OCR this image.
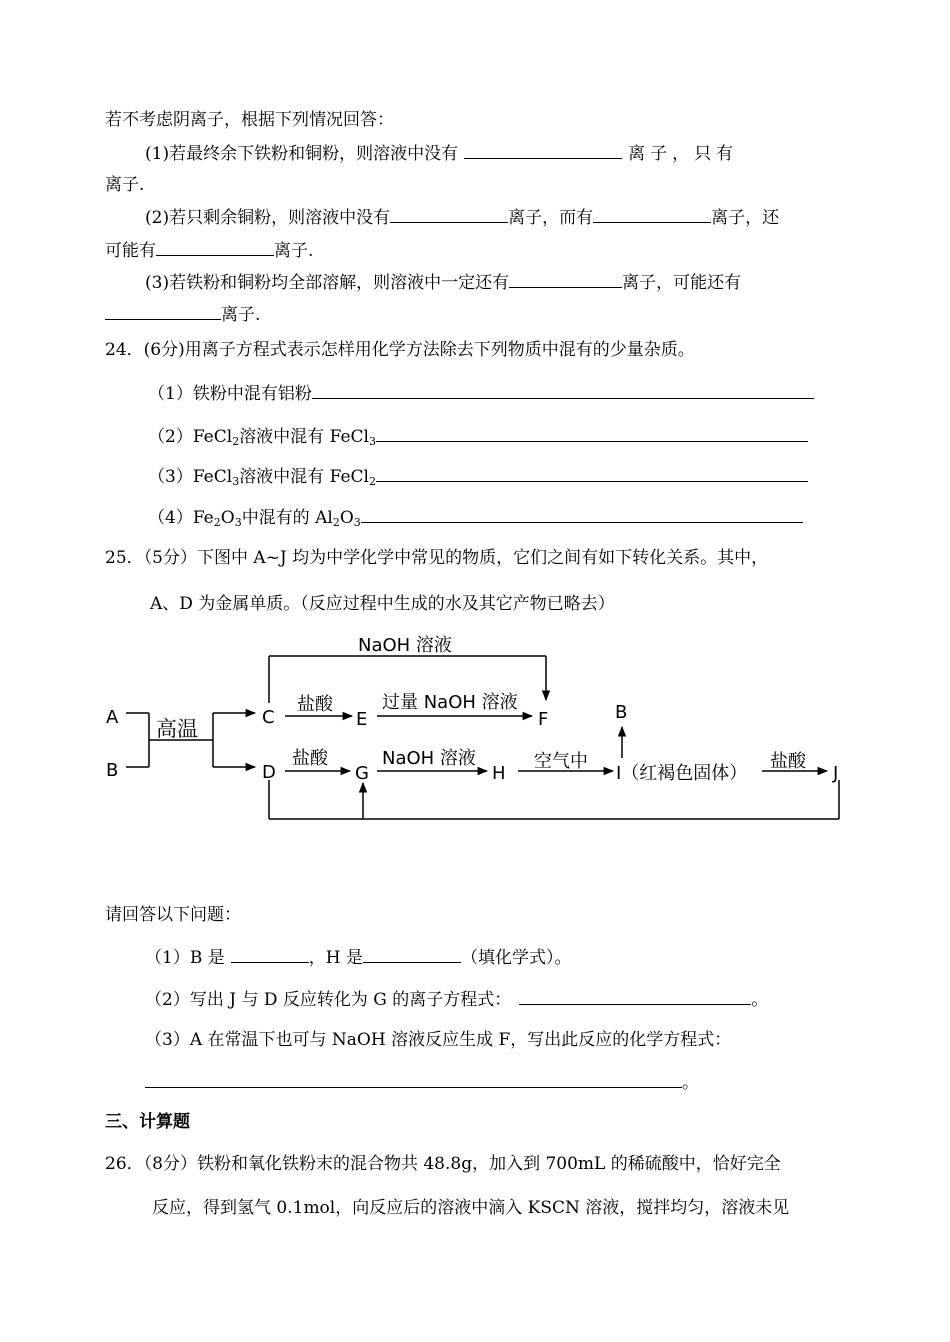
若不考虑阴离子，根据下列情况回答：
(1)若最终余下铁粉和铜粉，则溶液中没有	离子，只有
离子.
(2)若只剩余铜粉，则溶液中没有	离子，而有	离子，还
可能有	离子.
(3)若铁粉和铜粉均全部溶解，则溶液中一定还有	离子，可能还有
离子.
24．(6分)用离子方程式表示怎样用化学方法除去下列物质中混有的少量杂质。
（1）铁粉中混有铝粉
（2）FeCl$_2$溶液中混有 FeCl$_3$
（3）FeCl$_3$溶液中混有 FeCl$_2$
$(4)Fe_2O_3$中混有的 $Al_2O_3$
25．（5分）下图中 A~J 均为中学化学中常见的物质，它们之间有如下转化关系。其中，
A、D 为金属单质。（反应过程中生成的水及其它产物已略去）
A
B
C
D
E	F
G	H	I（红褐色固体）	J
B
高温
NaOH 溶液
盐酸	过量 NaOH 溶液
盐酸	NaOH 溶液	空气中	盐酸
请回答以下问题：
（1）B 是	，H 是	（填化学式）。
（2）写出 J 与 D 反应转化为 G 的离子方程式：	。
（3）A 在常温下也可与 NaOH 溶液反应生成 F，写出此反应的化学方程式：
。
三、计算题
26．（8分）铁粉和氧化铁粉末的混合物共 48.8g，加入到 700mL 的稀硫酸中，恰好完全
反应，得到氢气 0.1mol，向反应后的溶液中滴入 KSCN 溶液，搅拌均匀，溶液未见
